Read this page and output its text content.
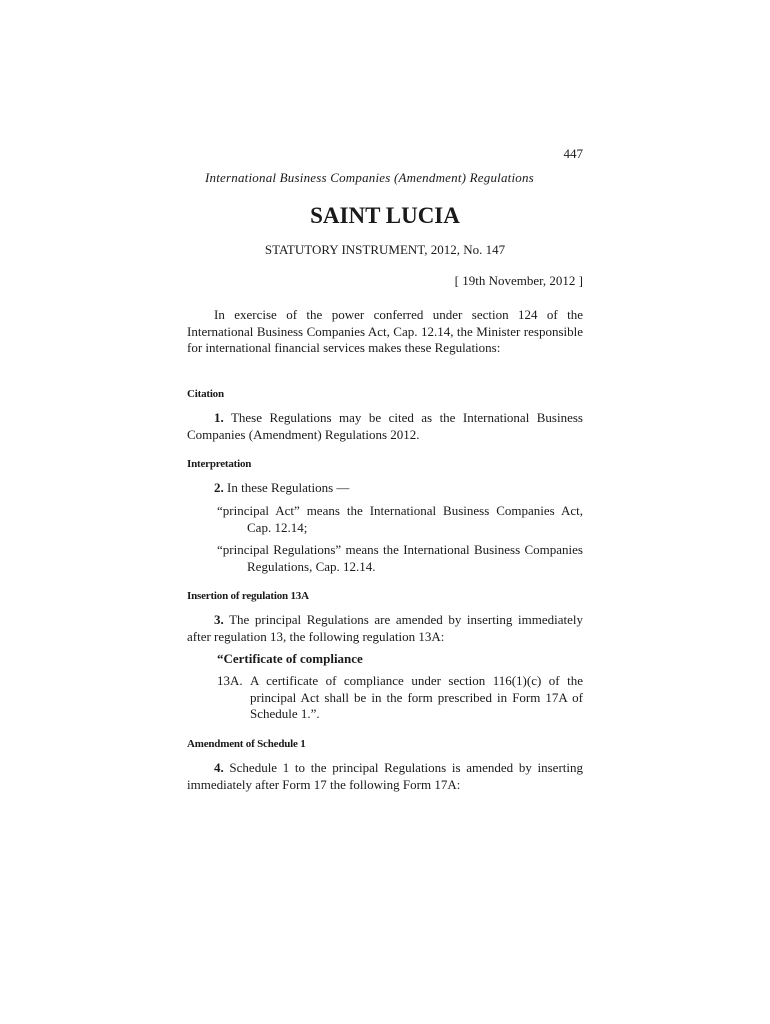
447
International Business Companies (Amendment) Regulations
SAINT LUCIA
STATUTORY INSTRUMENT, 2012, No. 147
[ 19th November, 2012 ]

In exercise of the power conferred under section 124 of the International Business Companies Act, Cap. 12.14, the Minister responsible for international financial services makes these Regulations:

Citation

1. These Regulations may be cited as the International Business Companies (Amendment) Regulations 2012.

Interpretation

2. In these Regulations —

“principal Act” means the International Business Companies Act, Cap. 12.14;

“principal Regulations” means the International Business Companies Regulations, Cap. 12.14.

Insertion of regulation 13A

3. The principal Regulations are amended by inserting immediately after regulation 13, the following regulation 13A:

“Certificate of compliance

13A. A certificate of compliance under section 116(1)(c) of the principal Act shall be in the form prescribed in Form 17A of Schedule 1.”.

Amendment of Schedule 1

4. Schedule 1 to the principal Regulations is amended by inserting immediately after Form 17 the following Form 17A:
